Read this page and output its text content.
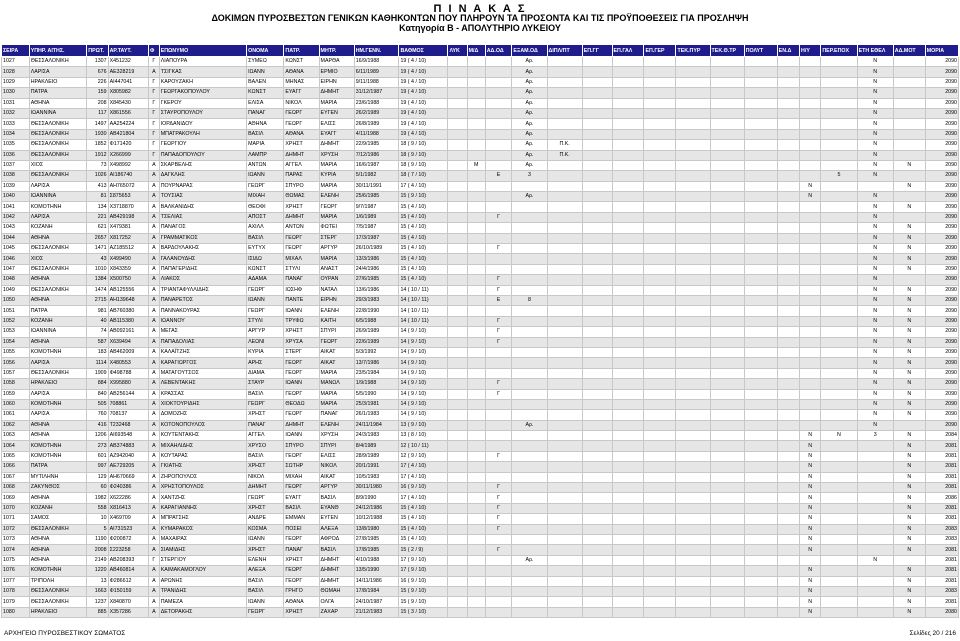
Π Ι Ν Α Κ Α Σ
ΔΟΚΙΜΩΝ ΠΥΡΟΣΒΕΣΤΩΝ ΓΕΝΙΚΩΝ ΚΑΘΗΚΟΝΤΩΝ ΠΟΥ ΠΛΗΡΟΥΝ ΤΑ ΠΡΟΣΟΝΤΑ ΚΑΙ ΤΙΣ ΠΡΟΫΠΟΘΕΣΕΙΣ ΓΙΑ ΠΡΟΣΛΗΨΗ
Κατηγορία Β - ΑΠΟΛΥΤΗΡΙΟ ΛΥΚΕΙΟΥ
ΣΕΙΡΑ	ΥΠΗΡ. ΑΙΤΗΣ.	ΠΡΩΤ.	ΑΡ.ΤΑΥΤ.	Φ	ΕΠΩΝΥΜΟ	ΟΝΟΜΑ	ΠΑΤΡ.	ΜΗΤΡ.	ΗΜ.ΓΕΝΝ.	ΒΑΘΜΟΣ	ΛΥΚ	Μ/Δ	ΑΔ.ΟΔ	ΕΞΑΜ.ΟΔ	ΔΙΠΛ/ΠΤ	ΕΠ.ΓΓ	ΕΠ.ΓΑΛ	ΕΠ.ΓΕΡ	ΤΕΚ.ΠΥΡ	ΤΕΚ.Θ.ΤΡ	ΠΟΛΥΤ	ΕΝ.Δ	Η/Υ	ΠΕΡ.ΕΠΟΧ	ΕΤΗ ΕΘΕΛ	ΑΔ.ΜΟΤ	ΜΟΡΙΑ
1027	ΘΕΣΣΑΛΟΝΙΚΗ	1307	Χ451232	Γ	ΛΙΑΠΟΥΡΑ	ΣΥΜΕΩ	ΚΩΝΣΤ	ΜΑΡΘΑ	16/9/1988	19 ( 4 / 10)				Αρ.											Ν		2090
1028	ΛΑΡΙΣΑ	676	ΑΕ328219	Α	ΤΣΙΓΚΑΣ	ΙΩΑΝΝ	ΑΘΑΝΑ	ΕΡΜΙΟ	6/11/1989	19 ( 4 / 10)				Αρ.											Ν		2090
1029	ΗΡΑΚΛΕΙΟ	226	ΑΙ447041	Γ	ΚΑΡΟΥΖΑΚΗ	ΒΑΛΕΝ	ΜΗΝΑΣ	ΕΙΡΗΝ	9/11/1988	19 ( 4 / 10)				Αρ.											Ν		2090
1030	ΠΑΤΡΑ	159	Χ805982	Γ	ΓΕΩΡΓΑΚΟΠΟΥΛΟΥ	ΚΩΝΣΤ	ΕΥΑΓΓ	ΔΗΜΗΤ	31/12/1987	19 ( 4 / 10)				Αρ.											Ν		2090
1031	ΑΘΗΝΑ	208	Χ845430	Γ	ΓΚΕΡΟΥ	ΕΛΙΣΑ	ΝΙΚΟΛ	ΜΑΡΙΑ	23/6/1988	19 ( 4 / 10)				Αρ.											Ν		2090
1032	ΙΩΑΝΝΙΝΑ	117	Χ861556	Γ	ΣΤΑΥΡΟΠΟΥΛΟΥ	ΠΑΝΑΓ	ΓΕΩΡΓ	ΕΥΓΕΝ	26/2/1989	19 ( 4 / 10)				Αρ.											Ν		2090
1033	ΘΕΣΣΑΛΟΝΙΚΗ	1497	ΑΑ254224	Γ	ΙΟΡΔΑΝΙΔΟΥ	ΑΘΗΝΑ	ΓΕΩΡΓ	ΕΛΙΣΣ	26/8/1989	19 ( 4 / 10)				Αρ.											Ν		2090
1034	ΘΕΣΣΑΛΟΝΙΚΗ	1930	ΑΒ421804	Γ	ΜΠΑΤΡΑΚΟΥΛΗ	ΒΑΣΙΛ	ΑΘΑΝΑ	ΕΥΑΓΓ	4/11/1988	19 ( 4 / 10)				Αρ.											Ν		2090
1035	ΘΕΣΣΑΛΟΝΙΚΗ	1852	Φ171420	Γ	ΓΕΩΡΓΙΟΥ	ΜΑΡΙΑ	ΧΡΗΣΤ	ΔΗΜΗΤ	22/9/1985	18 ( 9 / 10)				Αρ.	Π.Κ.										Ν		2090
1036	ΘΕΣΣΑΛΟΝΙΚΗ	1912	Χ266999	Γ	ΠΑΠΑΔΟΠΟΥΛΟΥ	ΛΑΜΠΡ	ΔΗΜΗΤ	ΧΡΥΣΗ	7/12/1986	18 ( 9 / 10)				Αρ.	Π.Κ.										Ν		2090
1037	ΧΙΟΣ	73	Χ498992	Α	ΣΚΑΡΒΕΛΗΣ	ΑΝΤΩΝ	ΑΓΓΕΛ	ΜΑΡΙΑ	16/6/1987	18 ( 9 / 10)		Μ		Αρ.											Ν	Ν	2090
1038	ΘΕΣΣΑΛΟΝΙΚΗ	1026	ΑΙ186740	Α	ΔΑΓΚΛΗΣ	ΙΩΑΝΝ	ΠΑΡΑΣ	ΚΥΡΙΑ	5/1/1982	18 ( 7 / 10)			Ε	3										5	Ν		2090
1039	ΛΑΡΙΣΑ	413	ΑΗ765072	Α	ΠΟΥΡΝΑΡΑΣ	ΓΕΩΡΓ	ΣΠΥΡΟ	ΜΑΡΙΑ	30/11/1991	17 ( 4 / 10)													Ν			Ν	2090
1040	ΙΩΑΝΝΙΝΑ	81	Σ875653	Α	ΤΟΥΣΙΑΣ	ΜΙΧΑΗ	ΘΩΜΑΣ	ΕΛΕΝΗ	25/6/1985	15 ( 9 / 10)				Αρ.									Ν		Ν		2090
1041	ΚΟΜΟΤΗΝΗ	134	Χ3718870	Α	ΒΑΛΚΑΝΙΔΗΣ	ΘΕΟΦΙ	ΧΡΗΣΤ	ΓΕΩΡΓ	9/7/1987	15 ( 4 / 10)															Ν	Ν	2090
1042	ΛΑΡΙΣΑ	221	ΑΒ429198	Α	ΤΣΕΛΙΑΣ	ΑΠΟΣΤ	ΔΗΜΗΤ	ΜΑΡΙΑ	1/6/1989	15 ( 4 / 10)			Γ												Ν		2090
1043	ΚΟΖΑΝΗ	621	Χ479381	Α	ΠΑΝΑΓΟΣ	ΑΧΙΛΛ	ΑΝΤΩΝ	ΦΩΤΕΙ	7/5/1987	15 ( 4 / 10)															Ν	Ν	2090
1044	ΑΘΗΝΑ	2657	Χ817252	Α	ΓΡΑΜΜΑΤΙΚΟΣ	ΒΑΣΙΛ	ΓΕΩΡΓ	ΣΤΕΡΓ	17/3/1987	15 ( 4 / 10)															Ν	Ν	2090
1045	ΘΕΣΣΑΛΟΝΙΚΗ	1471	ΑΖ185512	Α	ΒΑΡΔΟΥΛΑΚΗΣ	ΕΥΤΥΧ	ΓΕΩΡΓ	ΑΡΓΥΡ	26/10/1989	15 ( 4 / 10)			Γ												Ν	Ν	2090
1046	ΧΙΟΣ	43	Χ499490	Α	ΓΑΛΑΝΟΥΔΗΣ	ΙΣΙΔΩ	ΜΙΧΑΛ	ΜΑΡΙΑ	13/3/1986	15 ( 4 / 10)															Ν	Ν	2090
1047	ΘΕΣΣΑΛΟΝΙΚΗ	1010	Χ843359	Α	ΠΑΠΑΓΕΡΙΔΗΣ	ΚΩΝΣΤ	ΣΤΥΛΙ	ΑΝΑΣΤ	24/4/1986	15 ( 4 / 10)															Ν	Ν	2090
1048	ΑΘΗΝΑ	1384	Χ500750	Α	ΛΙΑΚΟΣ	ΑΔΑΜΑ	ΠΑΝΑΓ	ΟΥΡΑΝ	27/6/1985	15 ( 4 / 10)			Γ												Ν		2090
1049	ΘΕΣΣΑΛΟΝΙΚΗ	1474	ΑΒ125556	Α	ΤΡΙΑΝΤΑΦΥΛΛΙΔΗΣ	ΓΕΩΡΓ	ΙΩΣΗΦ	ΝΑΤΑΛ	13/6/1986	14 ( 10 / 11)			Γ												Ν	Ν	2090
1050	ΑΘΗΝΑ	2715	ΑΗ139648	Α	ΠΑΝΑΡΕΤΟΣ	ΙΩΑΝΝ	ΠΑΝΤΕ	ΕΙΡΗΝ	29/3/1983	14 ( 10 / 11)			Ε	8											Ν	Ν	2090
1051	ΠΑΤΡΑ	981	ΑΒ760380	Α	ΠΑΝΝΑΚΟΥΡΑΣ	ΓΕΩΡΓ	ΙΩΑΝΝ	ΕΛΕΝΗ	22/8/1990	14 ( 10 / 11)															Ν	Ν	2090
1052	ΚΟΖΑΝΗ	40	ΑΒ115380	Α	ΙΩΑΝΝΟΥ	ΣΤΥΛΙ	ΤΡΥΦΩ	ΚΑΙΤΗ	6/5/1988	14 ( 10 / 11)			Γ												Ν	Ν	2090
1053	ΙΩΑΝΝΙΝΑ	74	ΑΒ092161	Α	ΜΕΓΑΣ	ΑΡΓΥΡ	ΧΡΗΣΤ	ΣΠΥΡΙ	26/9/1989	14 ( 9 / 10)			Γ												Ν	Ν	2090
1054	ΑΘΗΝΑ	587	Χ639494	Α	ΠΑΠΑΔΟΛΙΑΣ	ΛΕΩΝΙ	ΧΡΥΣΑ	ΓΕΩΡΓ	22/6/1989	14 ( 9 / 10)			Γ												Ν	Ν	2090
1055	ΚΟΜΟΤΗΝΗ	183	ΑΒ462009	Α	ΚΑΛΑΪΤΖΗΣ	ΚΥΡΙΑ	ΣΤΕΡΓ	ΑΙΚΑΤ	5/3/1992	14 ( 9 / 10)															Ν	Ν	2090
1056	ΛΑΡΙΣΑ	1114	Χ480553	Α	ΚΑΡΑΓΙΩΡΓΟΣ	ΑΡΗΣ	ΓΕΩΡΓ	ΑΙΚΑΤ	13/7/1986	14 ( 9 / 10)															Ν	Ν	2090
1057	ΘΕΣΣΑΛΟΝΙΚΗ	1909	Φ498788	Α	ΜΑΤΑΓΟΥΤΣΟΣ	ΔΙΑΜΑ	ΓΕΩΡΓ	ΜΑΡΙΑ	23/5/1984	14 ( 9 / 10)															Ν	Ν	2090
1058	ΗΡΑΚΛΕΙΟ	884	Χ995880	Α	ΛΕΒΕΝΤΑΚΗΣ	ΣΤΑΥΡ	ΙΩΑΝΝ	ΜΑΝΩΛ	1/9/1988	14 ( 9 / 10)			Γ												Ν	Ν	2090
1059	ΛΑΡΙΣΑ	840	ΑΒ256144	Α	ΚΡΑΣΣΑΣ	ΒΑΣΙΛ	ΓΕΩΡΓ	ΜΑΡΙΑ	5/5/1990	14 ( 9 / 10)			Γ												Ν	Ν	2090
1060	ΚΟΜΟΤΗΝΗ	505	708861	Α	ΧΙΟΚΤΟΥΡΙΔΗΣ	ΓΕΩΡΓ	ΘΕΟΔΩ	ΜΑΡΙΑ	25/3/1981	14 ( 9 / 10)															Ν	Ν	2090
1061	ΛΑΡΙΣΑ	760	708137	Α	ΔΟΜΟΖΗΣ	ΧΡΗΣΤ	ΓΕΩΡΓ	ΠΑΝΑΓ	26/1/1983	14 ( 9 / 10)															Ν	Ν	2090
1062	ΑΘΗΝΑ	416	Τ232468	Α	ΚΟΤΟΝΟΠΟΥΛΟΣ	ΠΑΝΑΓ	ΔΗΜΗΤ	ΕΛΕΝΗ	24/11/1984	13 ( 9 / 10)				Αρ.											Ν		2090
1063	ΑΘΗΝΑ	1206	ΑΙ693548	Α	ΚΟΥΤΕΝΤΑΚΗΣ	ΑΓΓΕΛ	ΙΩΑΝΝ	ΧΡΥΣΗ	24/3/1983	13 ( 8 / 10)													Ν	Ν	3	Ν	2084
1064	ΚΟΜΟΤΗΝΗ	273	ΑΒ374883	Α	ΜΙΧΑΗΛΙΔΗΣ	ΧΡΥΣΟ	ΣΠΥΡΟ	ΣΠΥΡΙ	8/4/1989	12 ( 10 / 11)													Ν			Ν	2081
1065	ΚΟΜΟΤΗΝΗ	601	ΑΖ942040	Α	ΚΟΥΤΑΡΑΣ	ΒΑΣΙΛ	ΓΕΩΡΓ	ΕΛΙΣΣ	28/9/1989	12 ( 9 / 10)			Γ										Ν			Ν	2081
1066	ΠΑΤΡΑ	997	ΑΕ729205	Α	ΓΚΙΑΤΗΣ	ΧΡΗΣΤ	ΣΩΤΗΡ	ΝΙΚΟΛ	20/1/1991	17 ( 4 / 10)													Ν			Ν	2081
1067	ΜΥΤΙΛΗΝΗ	129	ΑΗ670669	Α	ΖΗΡΟΠΟΥΛΟΣ	ΝΙΚΟΛ	ΜΙΧΑΗ	ΑΙΚΑΤ	10/5/1983	17 ( 4 / 10)													Ν			Ν	2081
1068	ΖΑΚΥΝΘΟΣ	60	Φ240386	Α	ΧΡΗΣΤΟΠΟΥΛΟΣ	ΔΗΜΗΤ	ΓΕΩΡΓ	ΑΡΓΥΡ	30/11/1980	16 ( 9 / 10)			Γ										Ν			Ν	2081
1069	ΑΘΗΝΑ	1982	Χ622286	Α	ΧΑΝΤΖΗΣ	ΓΕΩΡΓ	ΕΥΑΓΓ	ΒΑΣΙΛ	8/9/1990	17 ( 4 / 10)			Γ										Ν			Ν	2086
1070	ΚΟΖΑΝΗ	558	Χ816413	Α	ΚΑΡΑΓΙΑΝΝΗΣ	ΧΡΗΣΤ	ΒΑΣΙΛ	ΕΥΑΝΘ	24/12/1986	15 ( 4 / 10)			Γ										Ν			Ν	2081
1071	ΣΑΜΟΣ	10	Χ469709	Α	ΜΠΡΑΤΣΗΣ	ΑΝΔΡΕ	ΕΜΜΑΝ	ΕΥΓΕΝ	10/12/1988	15 ( 4 / 10)			Γ										Ν			Ν	2081
1072	ΘΕΣΣΑΛΟΝΙΚΗ	5	ΑΙ731523	Α	ΚΥΜΑΡΑΚΟΣ	ΚΟΣΜΑ	ΠΟΣΕΙ	ΑΛΕΞΑ	13/8/1980	15 ( 4 / 10)			Γ										Ν			Ν	2083
1073	ΑΘΗΝΑ	1190	Φ200872	Α	ΜΑΧΑΙΡΑΣ	ΙΩΑΝΝ	ΓΕΩΡΓ	ΑΦΡΟΔ	27/8/1985	15 ( 4 / 10)													Ν			Ν	2083
1074	ΑΘΗΝΑ	2008	Σ223258	Α	ΣΙΑΜΙΔΗΣ	ΧΡΗΣΤ	ΠΑΝΑΓ	ΒΑΣΙΛ	17/8/1985	15 ( 2 / 9)			Γ										Ν			Ν	2081
1075	ΑΘΗΝΑ	2149	ΑΒ208393	Γ	ΣΤΕΡΓΙΟΥ	ΕΛΕΝΗ	ΧΡΗΣΤ	ΔΗΜΗΤ	4/10/1988	17 ( 9 / 10)				Αρ.											Ν		2081
1076	ΚΟΜΟΤΗΝΗ	1220	ΑΒ460814	Α	ΚΑΙΜΑΚΑΜΟΓΛΟΥ	ΑΛΕΞΑ	ΓΕΩΡΓ	ΔΗΜΗΤ	13/5/1990	17 ( 9 / 10)													Ν			Ν	2081
1077	ΤΡΙΠΟΛΗ	13	Φ286612	Α	ΑΡΩΝΗΣ	ΒΑΣΙΛ	ΓΕΩΡΓ	ΔΗΜΗΤ	14/11/1986	16 ( 9 / 10)													Ν			Ν	2081
1078	ΘΕΣΣΑΛΟΝΙΚΗ	1663	Φ150159	Α	ΤΡΑΝΙΔΗΣ	ΒΑΣΙΛ	ΓΡΗΓΟ	ΘΩΜΑΗ	17/8/1984	15 ( 9 / 10)													Ν			Ν	2083
1079	ΘΕΣΣΑΛΟΝΙΚΗ	1237	Χ840870	Α	ΠΑΜΕΖΑ	ΙΩΑΝΝ	ΑΘΑΝΑ	ΟΛΓΑ	24/10/1987	15 ( 9 / 10)													Ν			Ν	2081
1080	ΗΡΑΚΛΕΙΟ	885	Χ357286	Α	ΔΕΤΟΡΑΚΗΣ	ΓΕΩΡΓ	ΧΡΗΣΤ	ΖΑΧΑΡ	21/12/1983	15 ( 3 / 10)													Ν			Ν	2080
ΑΡΧΗΓΕΙΟ ΠΥΡΟΣΒΕΣΤΙΚΟΥ ΣΩΜΑΤΟΣ	Σελίδες 20 / 216
